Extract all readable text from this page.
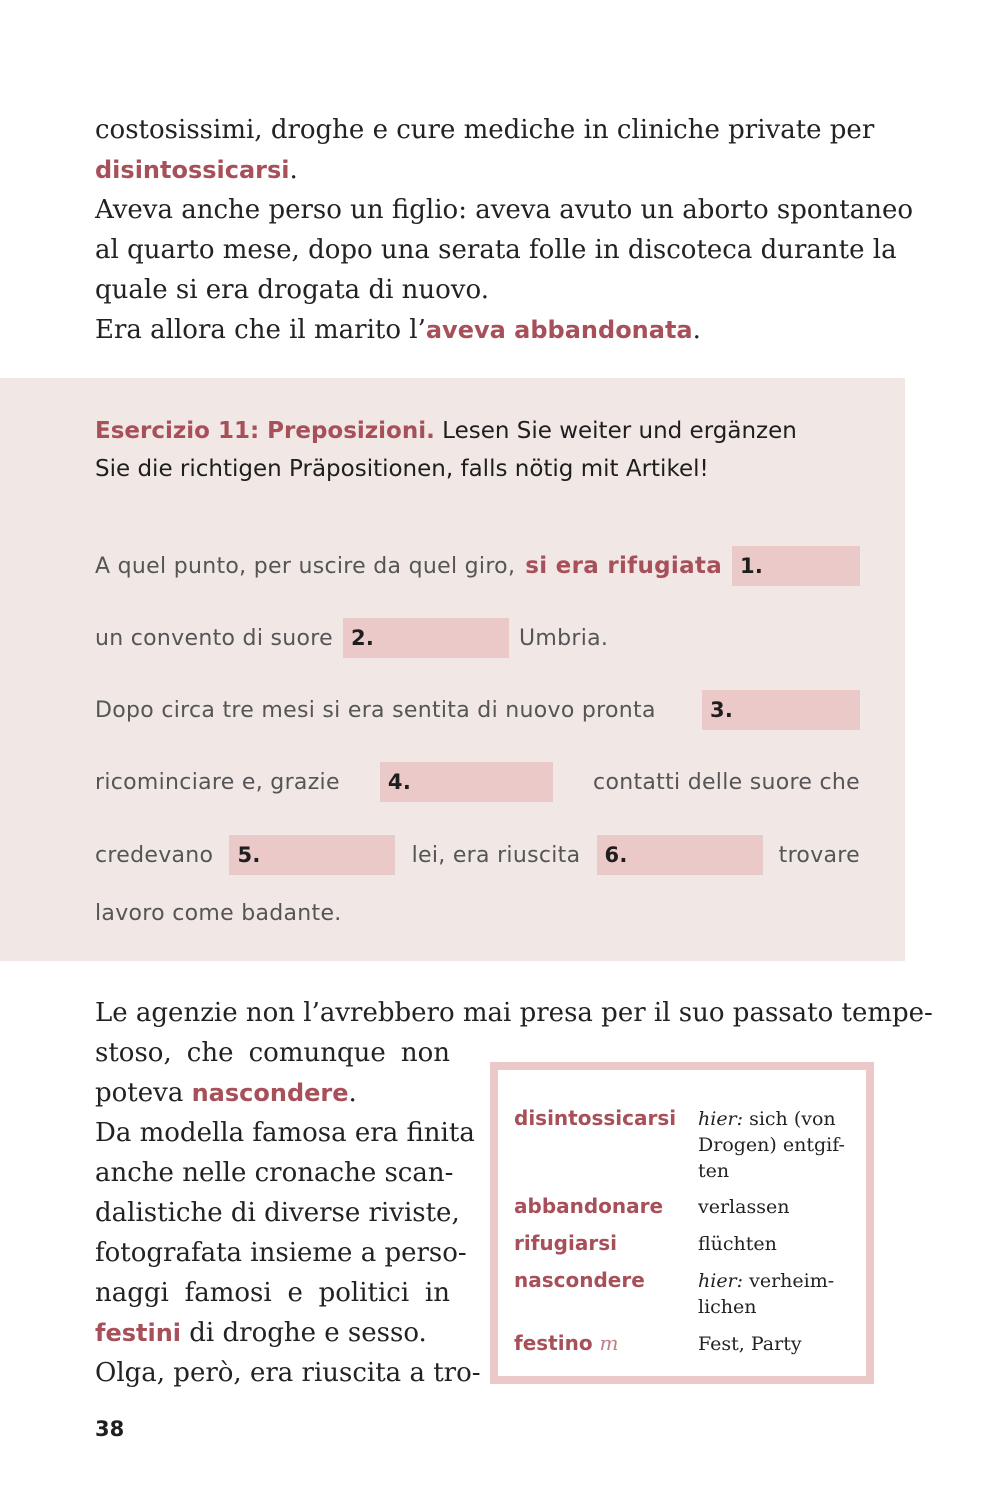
costosissimi, droghe e cure mediche in cliniche private per
disintossicarsi.
Aveva anche perso un figlio: aveva avuto un aborto spontaneo
al quarto mese, dopo una serata folle in discoteca durante la
quale si era drogata di nuovo.
Era allora che il marito l’aveva abbandonata.
Esercizio 11: Preposizioni. Lesen Sie weiter und ergänzen
Sie die richtigen Präpositionen, falls nötig mit Artikel!
A quel punto, per uscire da quel giro, si era rifugiata 1.
un convento di suore 2.	Umbria.
Dopo circa tre mesi si era sentita di nuovo pronta	3.
ricominciare e, grazie	4.	contatti delle suore che
credevano	5.	lei, era riuscita	6.	trovare
lavoro come badante.
Le agenzie non l’avrebbero mai presa per il suo passato tempe-
stoso, che comunque non
poteva nascondere.
Da modella famosa era finita
anche nelle cronache scan-
dalistiche di diverse riviste,
fotografata insieme a perso-
naggi famosi e politici in
festini di droghe e sesso.
Olga, però, era riuscita a tro-
disintossicarsi hier: sich (von
Drogen) entgif-
ten
abbandonare verlassen
rifugiarsi	flüchten
nascondere	hier: verheim-
lichen
festino m	Fest, Party
38
